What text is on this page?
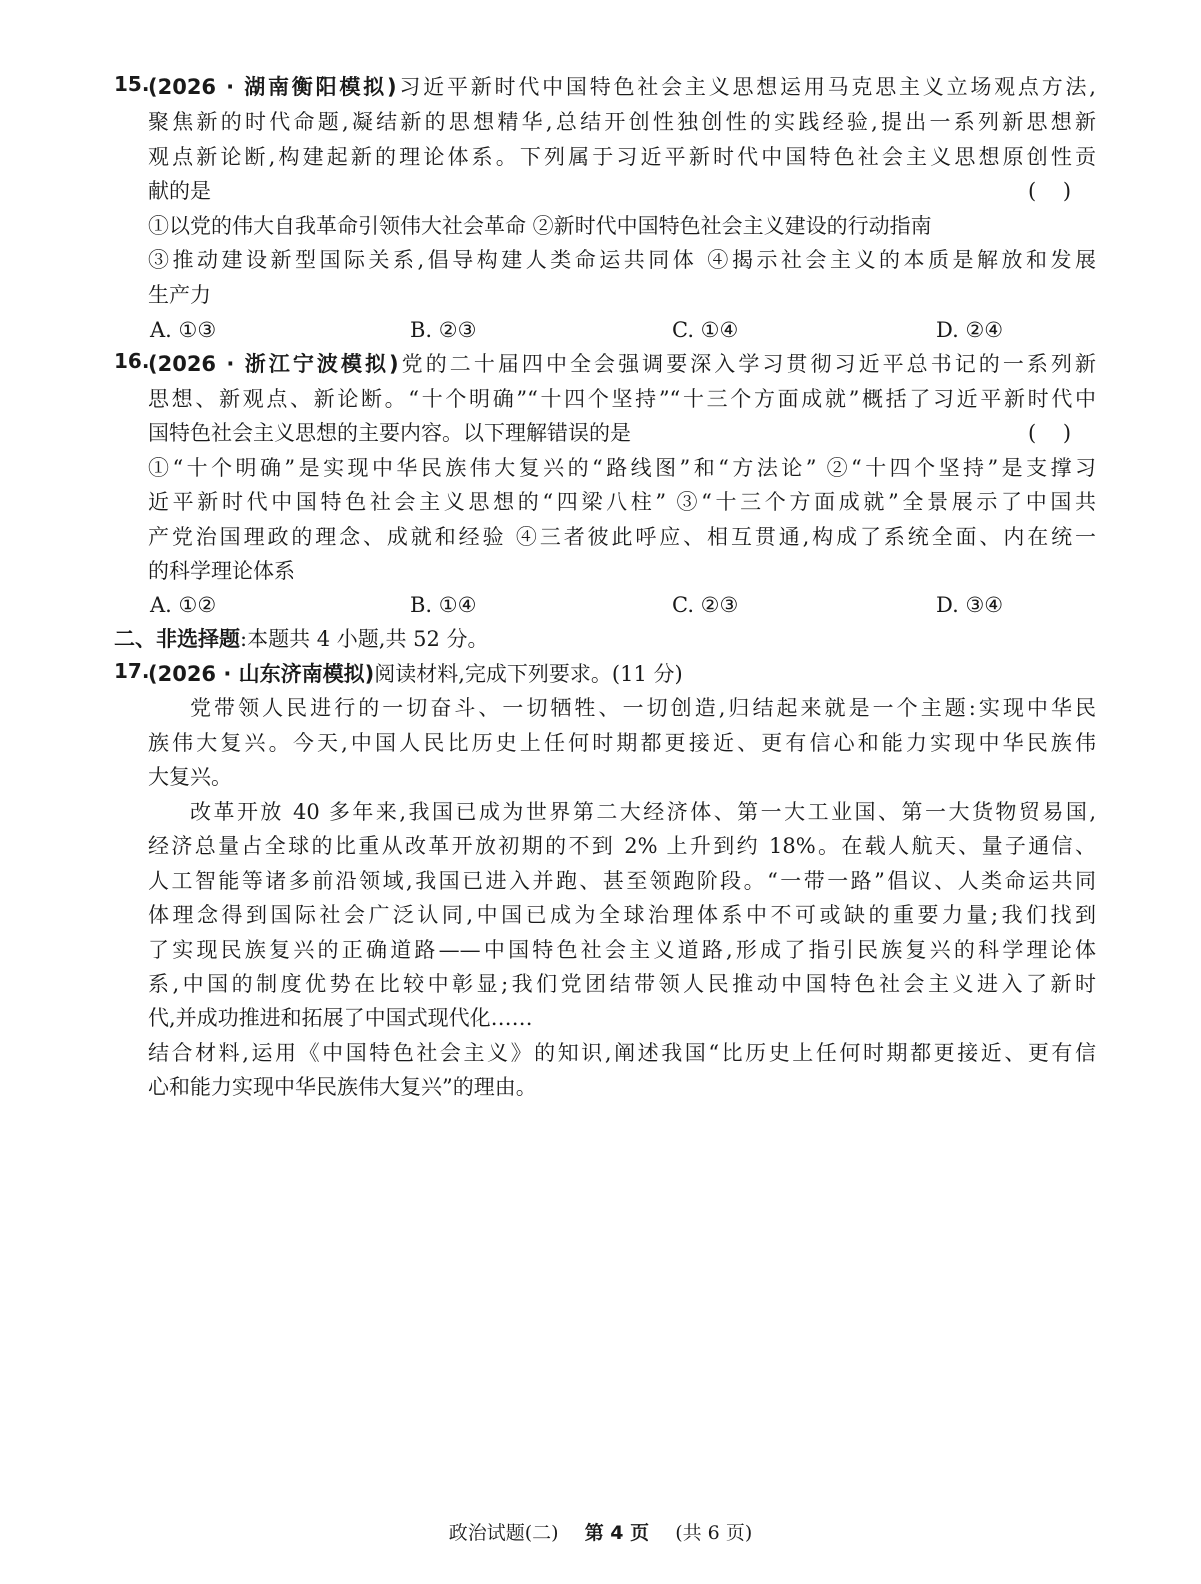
15.
(2026 · 湖南衡阳模拟)习近平新时代中国特色社会主义思想运用马克思主义立场观点方法,
聚焦新的时代命题,凝结新的思想精华,总结开创性独创性的实践经验,提出一系列新思想新
观点新论断,构建起新的理论体系。下列属于习近平新时代中国特色社会主义思想原创性贡
献的是	(    )
①以党的伟大自我革命引领伟大社会革命 ②新时代中国特色社会主义建设的行动指南
③推动建设新型国际关系,倡导构建人类命运共同体 ④揭示社会主义的本质是解放和发展
生产力
A. ①③	B. ②③	C. ①④	D. ②④
16.
(2026 · 浙江宁波模拟)党的二十届四中全会强调要深入学习贯彻习近平总书记的一系列新
思想、新观点、新论断。“十个明确”“十四个坚持”“十三个方面成就”概括了习近平新时代中
国特色社会主义思想的主要内容。以下理解错误的是	(    )
①“十个明确”是实现中华民族伟大复兴的“路线图”和“方法论” ②“十四个坚持”是支撑习
近平新时代中国特色社会主义思想的“四梁八柱” ③“十三个方面成就”全景展示了中国共
产党治国理政的理念、成就和经验 ④三者彼此呼应、相互贯通,构成了系统全面、内在统一
的科学理论体系
A. ①②	B. ①④	C. ②③	D. ③④
二、非选择题:本题共 4 小题,共 52 分。
17.
(2026 · 山东济南模拟)阅读材料,完成下列要求。(11 分)
党带领人民进行的一切奋斗、一切牺牲、一切创造,归结起来就是一个主题:实现中华民
族伟大复兴。今天,中国人民比历史上任何时期都更接近、更有信心和能力实现中华民族伟
大复兴。
改革开放 40 多年来,我国已成为世界第二大经济体、第一大工业国、第一大货物贸易国,
经济总量占全球的比重从改革开放初期的不到 2% 上升到约 18%。在载人航天、量子通信、
人工智能等诸多前沿领域,我国已进入并跑、甚至领跑阶段。“一带一路”倡议、人类命运共同
体理念得到国际社会广泛认同,中国已成为全球治理体系中不可或缺的重要力量;我们找到
了实现民族复兴的正确道路——中国特色社会主义道路,形成了指引民族复兴的科学理论体
系,中国的制度优势在比较中彰显;我们党团结带领人民推动中国特色社会主义进入了新时
代,并成功推进和拓展了中国式现代化……
结合材料,运用《中国特色社会主义》的知识,阐述我国“比历史上任何时期都更接近、更有信
心和能力实现中华民族伟大复兴”的理由。
政治试题(二) 第 4 页 (共 6 页)
